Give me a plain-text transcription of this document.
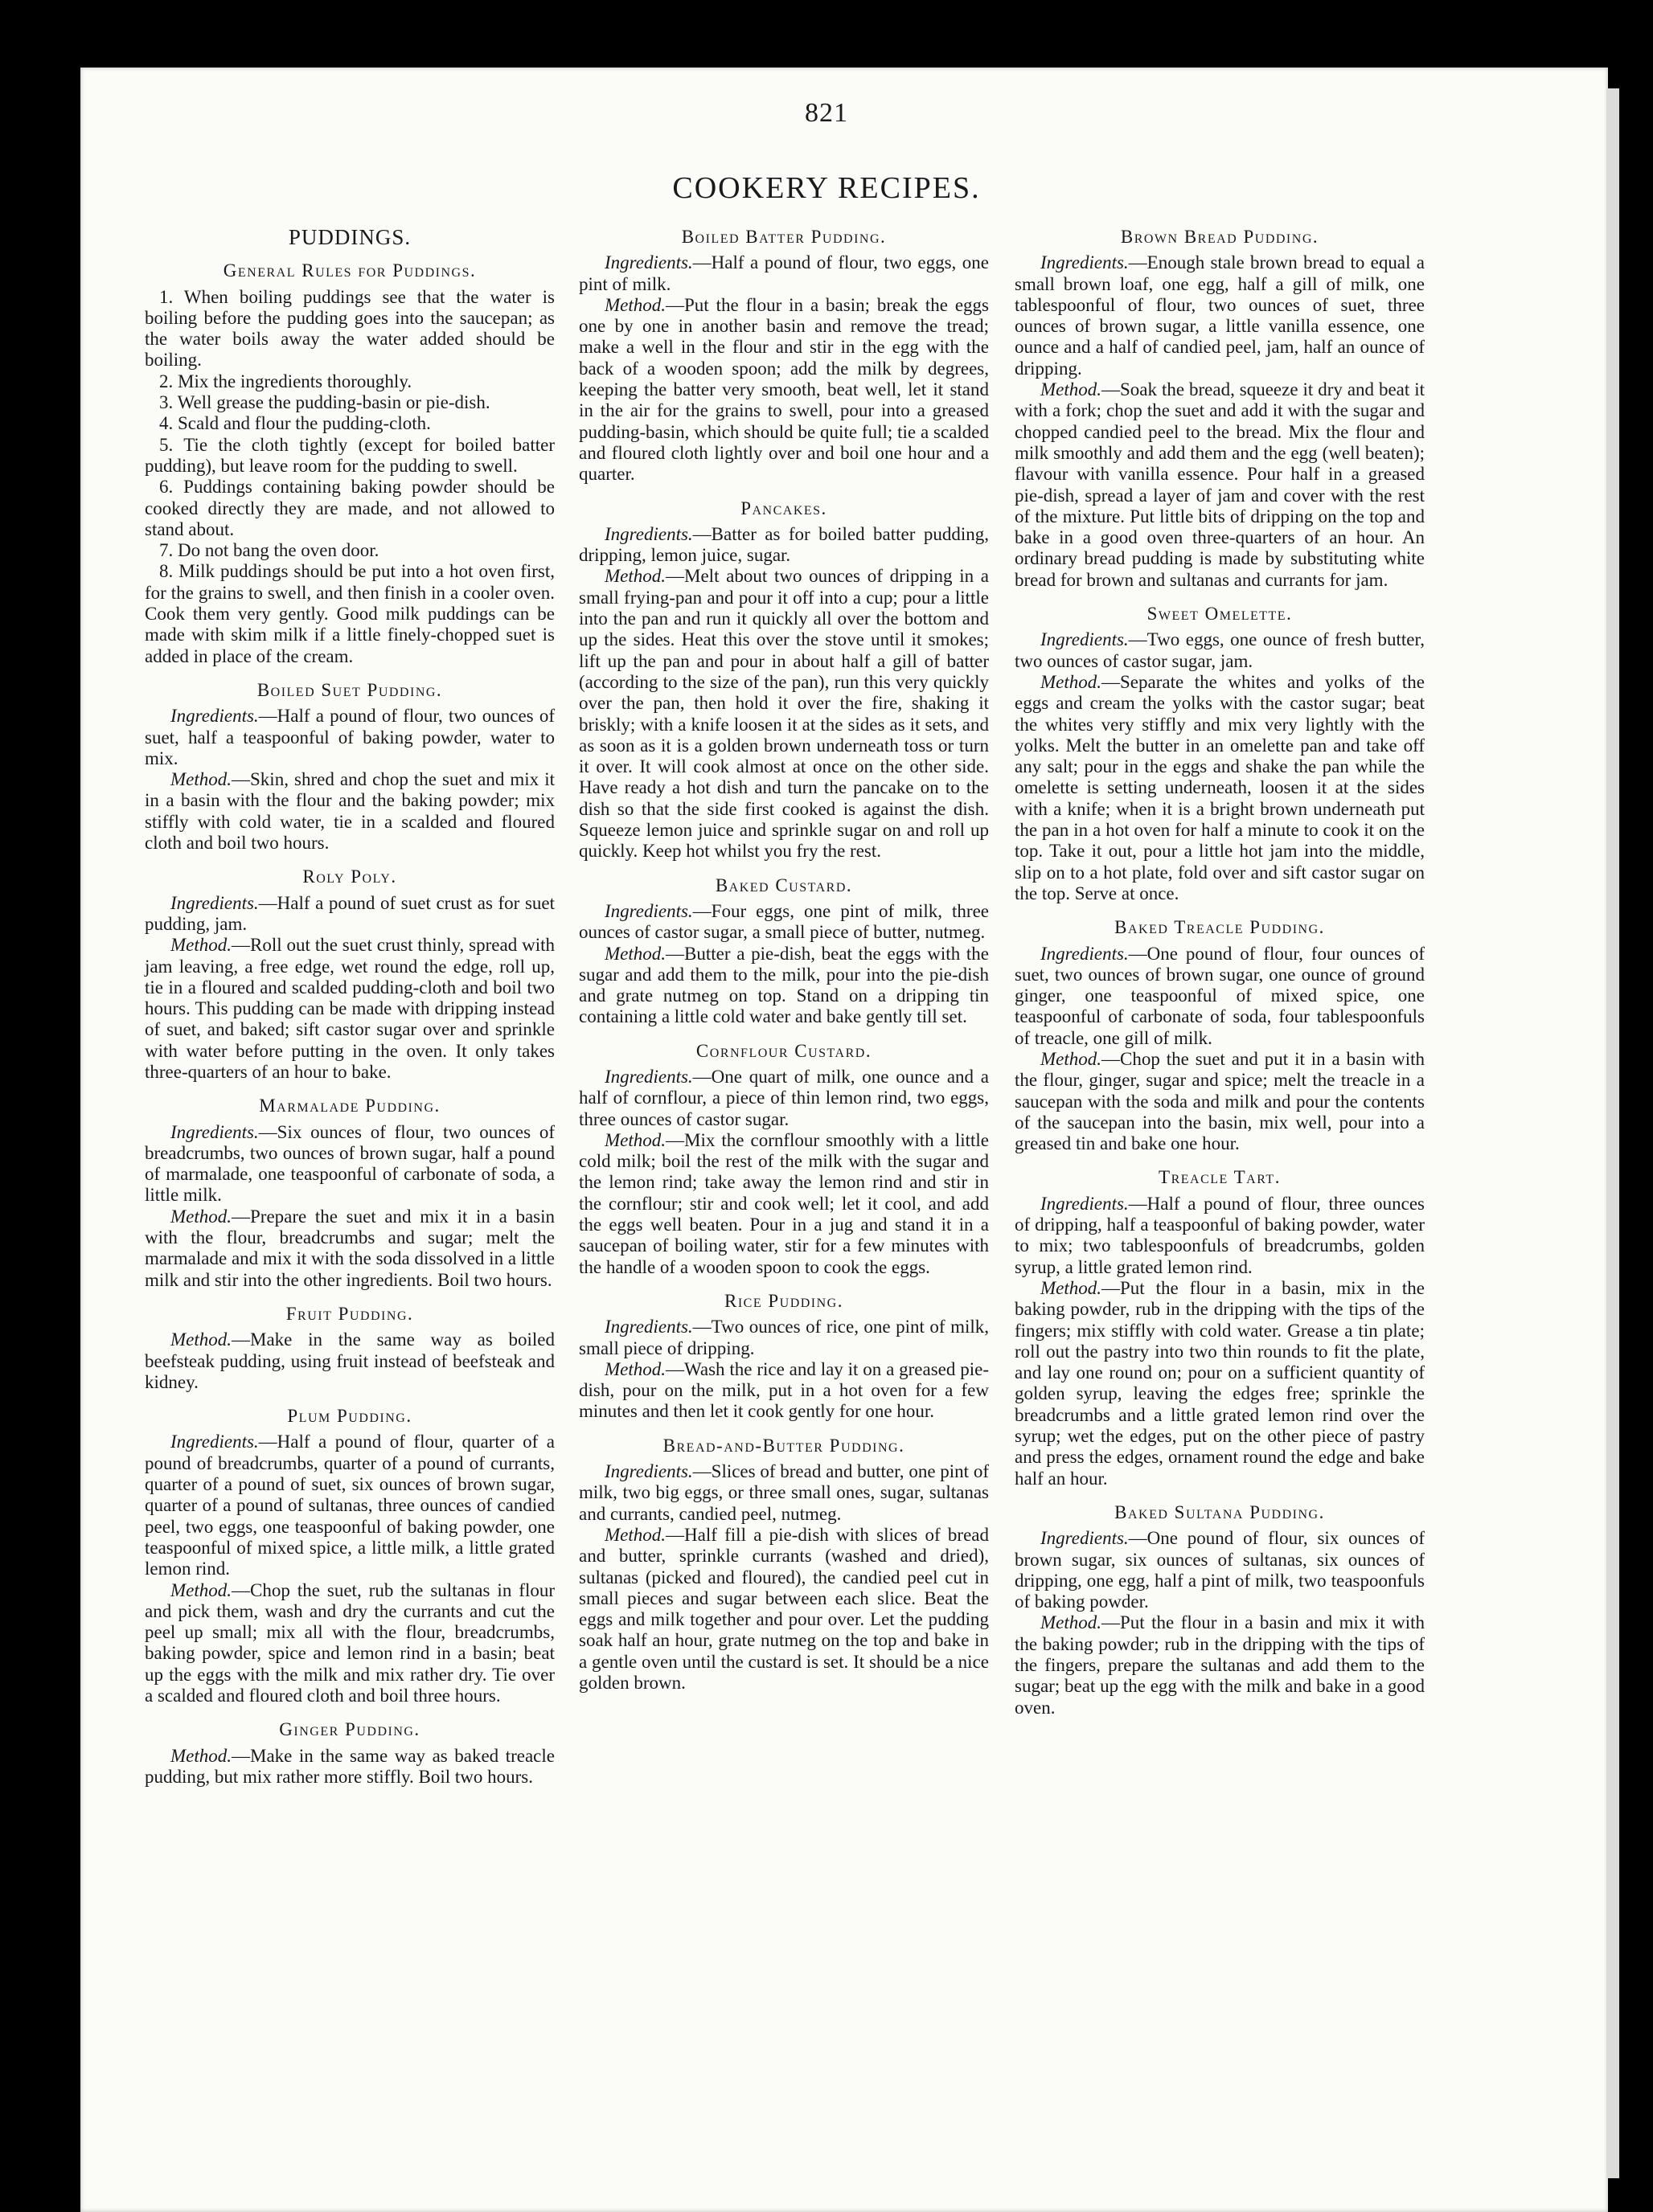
821
COOKERY RECIPES.
PUDDINGS.
General Rules for Puddings.

1. When boiling puddings see that the water is boiling before the pudding goes into the saucepan; as the water boils away the water added should be boiling.

2. Mix the ingredients thoroughly.

3. Well grease the pudding-basin or pie-dish.

4. Scald and flour the pudding-cloth.

5. Tie the cloth tightly (except for boiled batter pudding), but leave room for the pudding to swell.

6. Puddings containing baking powder should be cooked directly they are made, and not allowed to stand about.

7. Do not bang the oven door.

8. Milk puddings should be put into a hot oven first, for the grains to swell, and then finish in a cooler oven. Cook them very gently. Good milk puddings can be made with skim milk if a little finely-chopped suet is added in place of the cream.

Boiled Suet Pudding.

Ingredients.—Half a pound of flour, two ounces of suet, half a teaspoonful of baking powder, water to mix.

Method.—Skin, shred and chop the suet and mix it in a basin with the flour and the baking powder; mix stiffly with cold water, tie in a scalded and floured cloth and boil two hours.

Roly Poly.

Ingredients.—Half a pound of suet crust as for suet pudding, jam.

Method.—Roll out the suet crust thinly, spread with jam leaving, a free edge, wet round the edge, roll up, tie in a floured and scalded pudding-cloth and boil two hours. This pudding can be made with dripping instead of suet, and baked; sift castor sugar over and sprinkle with water before putting in the oven. It only takes three-quarters of an hour to bake.

Marmalade Pudding.

Ingredients.—Six ounces of flour, two ounces of breadcrumbs, two ounces of brown sugar, half a pound of marmalade, one teaspoonful of carbonate of soda, a little milk.

Method.—Prepare the suet and mix it in a basin with the flour, breadcrumbs and sugar; melt the marmalade and mix it with the soda dissolved in a little milk and stir into the other ingredients. Boil two hours.

Fruit Pudding.

Method.—Make in the same way as boiled beefsteak pudding, using fruit instead of beefsteak and kidney.

Plum Pudding.

Ingredients.—Half a pound of flour, quarter of a pound of breadcrumbs, quarter of a pound of currants, quarter of a pound of suet, six ounces of brown sugar, quarter of a pound of sultanas, three ounces of candied peel, two eggs, one teaspoonful of baking powder, one teaspoonful of mixed spice, a little milk, a little grated lemon rind.

Method.—Chop the suet, rub the sultanas in flour and pick them, wash and dry the currants and cut the peel up small; mix all with the flour, breadcrumbs, baking powder, spice and lemon rind in a basin; beat up the eggs with the milk and mix rather dry. Tie over a scalded and floured cloth and boil three hours.

Ginger Pudding.

Method.—Make in the same way as baked treacle pudding, but mix rather more stiffly. Boil two hours.

Boiled Batter Pudding.

Ingredients.—Half a pound of flour, two eggs, one pint of milk.

Method.—Put the flour in a basin; break the eggs one by one in another basin and remove the tread; make a well in the flour and stir in the egg with the back of a wooden spoon; add the milk by degrees, keeping the batter very smooth, beat well, let it stand in the air for the grains to swell, pour into a greased pudding-basin, which should be quite full; tie a scalded and floured cloth lightly over and boil one hour and a quarter.

Pancakes.

Ingredients.—Batter as for boiled batter pudding, dripping, lemon juice, sugar.

Method.—Melt about two ounces of dripping in a small frying-pan and pour it off into a cup; pour a little into the pan and run it quickly all over the bottom and up the sides. Heat this over the stove until it smokes; lift up the pan and pour in about half a gill of batter (according to the size of the pan), run this very quickly over the pan, then hold it over the fire, shaking it briskly; with a knife loosen it at the sides as it sets, and as soon as it is a golden brown underneath toss or turn it over. It will cook almost at once on the other side. Have ready a hot dish and turn the pancake on to the dish so that the side first cooked is against the dish. Squeeze lemon juice and sprinkle sugar on and roll up quickly. Keep hot whilst you fry the rest.

Baked Custard.

Ingredients.—Four eggs, one pint of milk, three ounces of castor sugar, a small piece of butter, nutmeg.

Method.—Butter a pie-dish, beat the eggs with the sugar and add them to the milk, pour into the pie-dish and grate nutmeg on top. Stand on a dripping tin containing a little cold water and bake gently till set.

Cornflour Custard.

Ingredients.—One quart of milk, one ounce and a half of cornflour, a piece of thin lemon rind, two eggs, three ounces of castor sugar.

Method.—Mix the cornflour smoothly with a little cold milk; boil the rest of the milk with the sugar and the lemon rind; take away the lemon rind and stir in the cornflour; stir and cook well; let it cool, and add the eggs well beaten. Pour in a jug and stand it in a saucepan of boiling water, stir for a few minutes with the handle of a wooden spoon to cook the eggs.

Rice Pudding.

Ingredients.—Two ounces of rice, one pint of milk, small piece of dripping.

Method.—Wash the rice and lay it on a greased pie-dish, pour on the milk, put in a hot oven for a few minutes and then let it cook gently for one hour.

Bread-and-Butter Pudding.

Ingredients.—Slices of bread and butter, one pint of milk, two big eggs, or three small ones, sugar, sultanas and currants, candied peel, nutmeg.

Method.—Half fill a pie-dish with slices of bread and butter, sprinkle currants (washed and dried), sultanas (picked and floured), the candied peel cut in small pieces and sugar between each slice. Beat the eggs and milk together and pour over. Let the pudding soak half an hour, grate nutmeg on the top and bake in a gentle oven until the custard is set. It should be a nice golden brown.

Brown Bread Pudding.

Ingredients.—Enough stale brown bread to equal a small brown loaf, one egg, half a gill of milk, one tablespoonful of flour, two ounces of suet, three ounces of brown sugar, a little vanilla essence, one ounce and a half of candied peel, jam, half an ounce of dripping.

Method.—Soak the bread, squeeze it dry and beat it with a fork; chop the suet and add it with the sugar and chopped candied peel to the bread. Mix the flour and milk smoothly and add them and the egg (well beaten); flavour with vanilla essence. Pour half in a greased pie-dish, spread a layer of jam and cover with the rest of the mixture. Put little bits of dripping on the top and bake in a good oven three-quarters of an hour. An ordinary bread pudding is made by substituting white bread for brown and sultanas and currants for jam.

Sweet Omelette.

Ingredients.—Two eggs, one ounce of fresh butter, two ounces of castor sugar, jam.

Method.—Separate the whites and yolks of the eggs and cream the yolks with the castor sugar; beat the whites very stiffly and mix very lightly with the yolks. Melt the butter in an omelette pan and take off any salt; pour in the eggs and shake the pan while the omelette is setting underneath, loosen it at the sides with a knife; when it is a bright brown underneath put the pan in a hot oven for half a minute to cook it on the top. Take it out, pour a little hot jam into the middle, slip on to a hot plate, fold over and sift castor sugar on the top. Serve at once.

Baked Treacle Pudding.

Ingredients.—One pound of flour, four ounces of suet, two ounces of brown sugar, one ounce of ground ginger, one teaspoonful of mixed spice, one teaspoonful of carbonate of soda, four tablespoonfuls of treacle, one gill of milk.

Method.—Chop the suet and put it in a basin with the flour, ginger, sugar and spice; melt the treacle in a saucepan with the soda and milk and pour the contents of the saucepan into the basin, mix well, pour into a greased tin and bake one hour.

Treacle Tart.

Ingredients.—Half a pound of flour, three ounces of dripping, half a teaspoonful of baking powder, water to mix; two tablespoonfuls of breadcrumbs, golden syrup, a little grated lemon rind.

Method.—Put the flour in a basin, mix in the baking powder, rub in the dripping with the tips of the fingers; mix stiffly with cold water. Grease a tin plate; roll out the pastry into two thin rounds to fit the plate, and lay one round on; pour on a sufficient quantity of golden syrup, leaving the edges free; sprinkle the breadcrumbs and a little grated lemon rind over the syrup; wet the edges, put on the other piece of pastry and press the edges, ornament round the edge and bake half an hour.

Baked Sultana Pudding.

Ingredients.—One pound of flour, six ounces of brown sugar, six ounces of sultanas, six ounces of dripping, one egg, half a pint of milk, two teaspoonfuls of baking powder.

Method.—Put the flour in a basin and mix it with the baking powder; rub in the dripping with the tips of the fingers, prepare the sultanas and add them to the sugar; beat up the egg with the milk and bake in a good oven.
